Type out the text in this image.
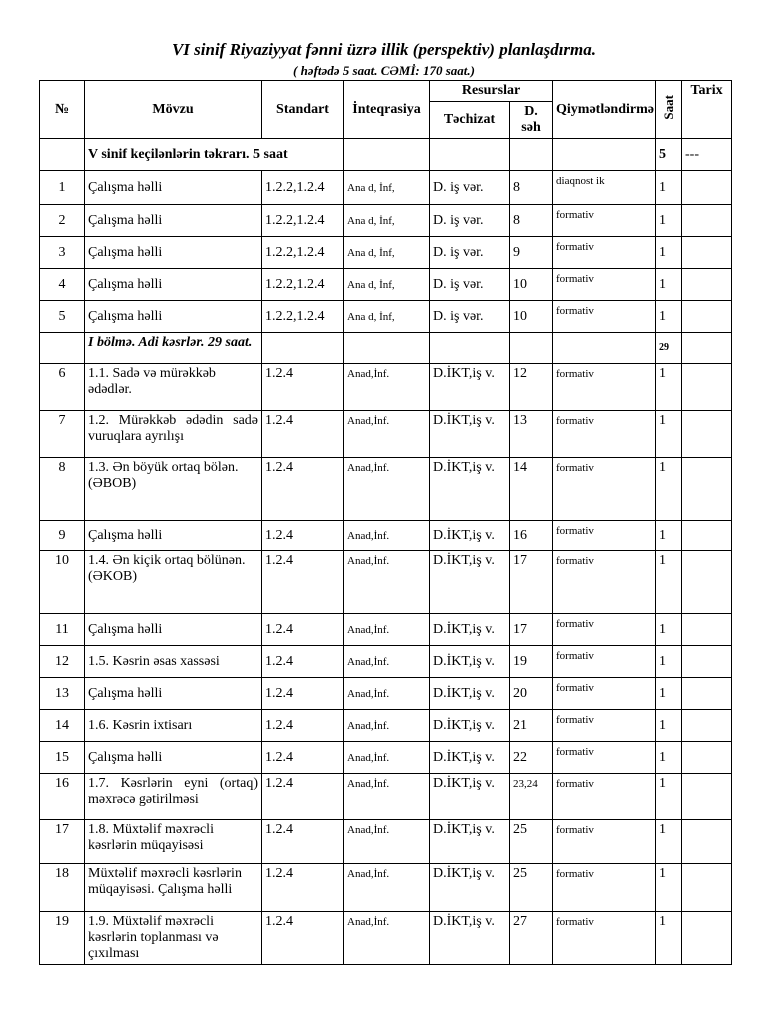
VI sinif Riyaziyyat fənni üzrə illik (perspektiv) planlaşdırma.
( həftədə 5 saat. CƏMİ: 170 saat.)
№	Mövzu	Standart	İnteqrasiya	Resurslar		Qiymətləndirmə	Saat	Tarix
				Təchizat	D.
səh			
	V sinif keçilənlərin təkrarı. 5 saat						5	---
1	Çalışma həlli	1.2.2,1.2.4	Ana d, İnf,	D. iş vər.	8	diaqnost ik	1	
2	Çalışma həlli	1.2.2,1.2.4	Ana d, İnf,	D. iş vər.	8	formativ	1	
3	Çalışma həlli	1.2.2,1.2.4	Ana d, İnf,	D. iş vər.	9	formativ	1	
4	Çalışma həlli	1.2.2,1.2.4	Ana d, İnf,	D. iş vər.	10	formativ	1	
5	Çalışma həlli	1.2.2,1.2.4	Ana d, İnf,	D. iş vər.	10	formativ	1	
	I bölmə. Adi kəsrlər. 29 saat.						29	
6	1.1. Sadə və mürəkkəb ədədlər.	1.2.4	Anad,İnf.	D.İKT,iş v.	12	formativ	1	
7	1.2. Mürəkkəb ədədin sadə vuruqlara ayrılışı	1.2.4	Anad,İnf.	D.İKT,iş v.	13	formativ	1	
8	1.3. Ən böyük ortaq bölən.
(ƏBOB)	1.2.4	Anad,İnf.	D.İKT,iş v.	14	formativ	1	
9	Çalışma həlli	1.2.4	Anad,İnf.	D.İKT,iş v.	16	formativ	1	
10	1.4. Ən kiçik ortaq bölünən.
(ƏKOB)	1.2.4	Anad,İnf.	D.İKT,iş v.	17	formativ	1	
11	Çalışma həlli	1.2.4	Anad,İnf.	D.İKT,iş v.	17	formativ	1	
12	1.5. Kəsrin əsas xassəsi	1.2.4	Anad,İnf.	D.İKT,iş v.	19	formativ	1	
13	Çalışma həlli	1.2.4	Anad,İnf.	D.İKT,iş v.	20	formativ	1	
14	1.6. Kəsrin ixtisarı	1.2.4	Anad,İnf.	D.İKT,iş v.	21	formativ	1	
15	Çalışma həlli	1.2.4	Anad,İnf.	D.İKT,iş v.	22	formativ	1	
16	1.7. Kəsrlərin eyni (ortaq) məxrəcə gətirilməsi	1.2.4	Anad,İnf.	D.İKT,iş v.	23,24	formativ	1	
17	1.8. Müxtəlif məxrəcli kəsrlərin müqayisəsi	1.2.4	Anad,İnf.	D.İKT,iş v.	25	formativ	1	
18	Müxtəlif məxrəcli kəsrlərin müqayisəsi. Çalışma həlli	1.2.4	Anad,İnf.	D.İKT,iş v.	25	formativ	1	
19	1.9. Müxtəlif məxrəcli kəsrlərin toplanması və çıxılması	1.2.4	Anad,İnf.	D.İKT,iş v.	27	formativ	1	
